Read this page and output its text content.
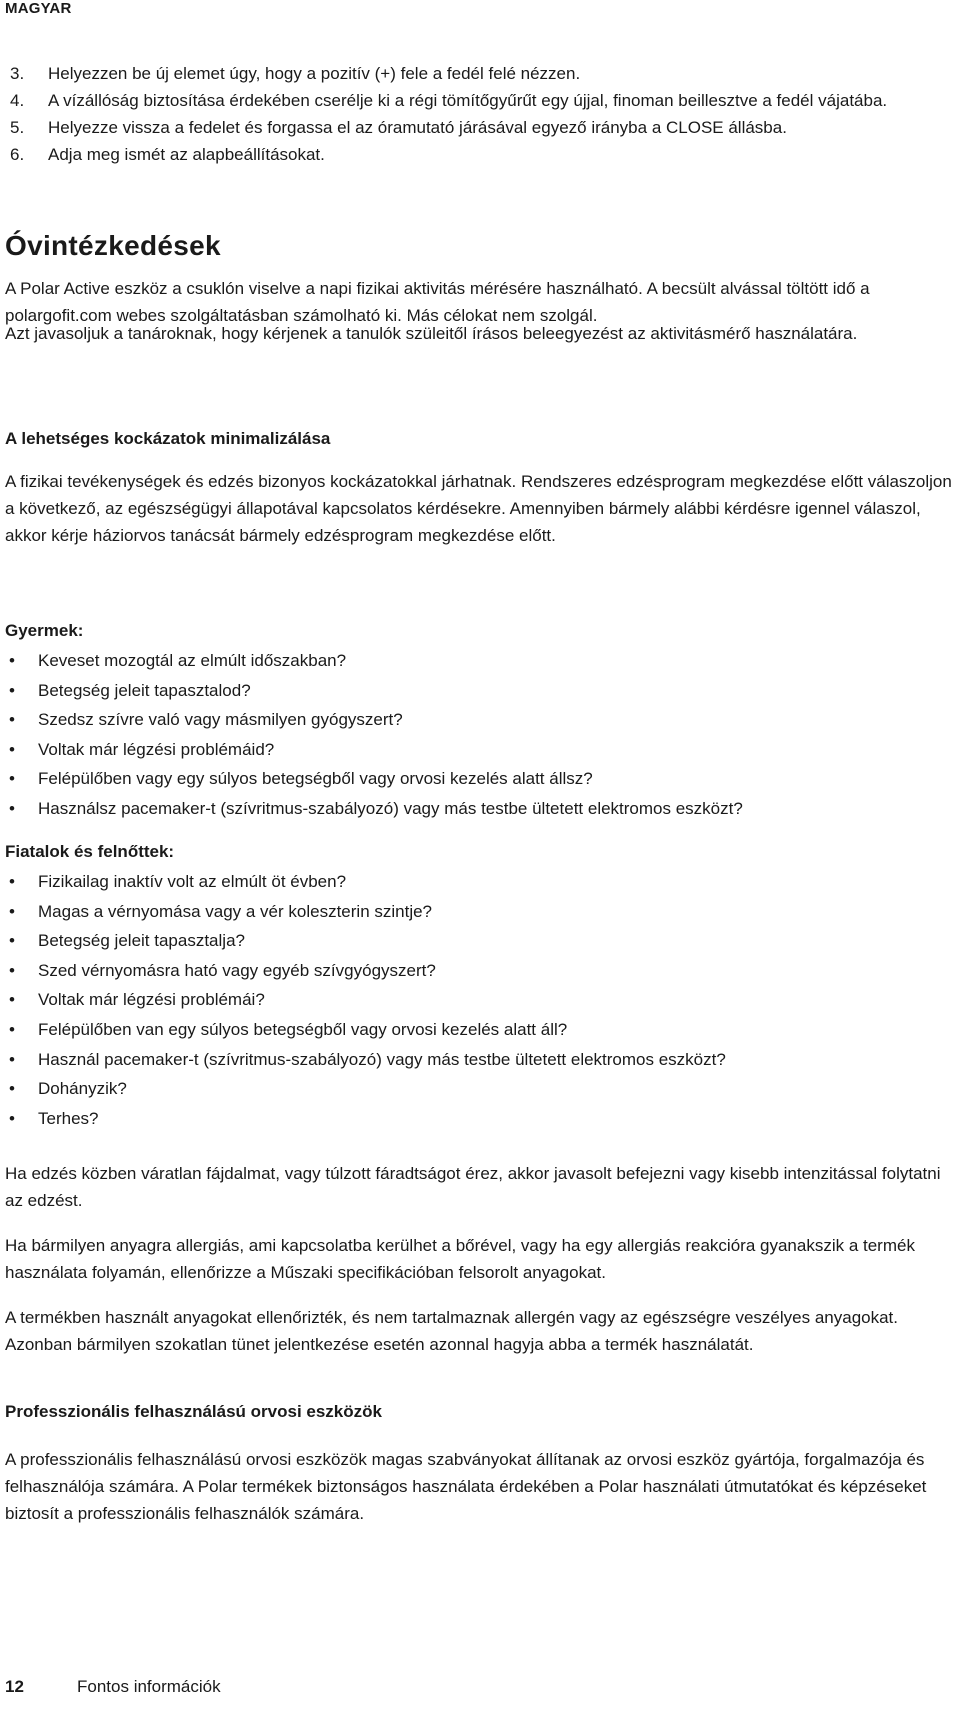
MAGYAR
3. Helyezzen be új elemet úgy, hogy a pozitív (+) fele a fedél felé nézzen.
4. A vízállóság biztosítása érdekében cserélje ki a régi tömítőgyűrűt egy újjal, finoman beillesztve a fedél vájatába.
5. Helyezze vissza a fedelet és forgassa el az óramutató járásával egyező irányba a CLOSE állásba.
6. Adja meg ismét az alapbeállításokat.
Óvintézkedések

A Polar Active eszköz a csuklón viselve a napi fizikai aktivitás mérésére használható. A becsült alvással töltött idő a polargofit.com webes szolgáltatásban számolható ki. Más célokat nem szolgál.

Azt javasoljuk a tanároknak, hogy kérjenek a tanulók szüleitől írásos beleegyezést az aktivitásmérő használatára.

A lehetséges kockázatok minimalizálása

A fizikai tevékenységek és edzés bizonyos kockázatokkal járhatnak. Rendszeres edzésprogram megkezdése előtt válaszoljon a következő, az egészségügyi állapotával kapcsolatos kérdésekre. Amennyiben bármely alábbi kérdésre igennel válaszol, akkor kérje háziorvos tanácsát bármely edzésprogram megkezdése előtt.

Gyermek:
• Keveset mozogtál az elmúlt időszakban?
• Betegség jeleit tapasztalod?
• Szedsz szívre való vagy másmilyen gyógyszert?
• Voltak már légzési problémáid?
• Felépülőben vagy egy súlyos betegségből vagy orvosi kezelés alatt állsz?
• Használsz pacemaker-t (szívritmus-szabályozó) vagy más testbe ültetett elektromos eszközt?
Fiatalok és felnőttek:
• Fizikailag inaktív volt az elmúlt öt évben?
• Magas a vérnyomása vagy a vér koleszterin szintje?
• Betegség jeleit tapasztalja?
• Szed vérnyomásra ható vagy egyéb szívgyógyszert?
• Voltak már légzési problémái?
• Felépülőben van egy súlyos betegségből vagy orvosi kezelés alatt áll?
• Használ pacemaker-t (szívritmus-szabályozó) vagy más testbe ültetett elektromos eszközt?
• Dohányzik?
• Terhes?

Ha edzés közben váratlan fájdalmat, vagy túlzott fáradtságot érez, akkor javasolt befejezni vagy kisebb intenzitással folytatni az edzést.

Ha bármilyen anyagra allergiás, ami kapcsolatba kerülhet a bőrével, vagy ha egy allergiás reakcióra gyanakszik a termék használata folyamán, ellenőrizze a Műszaki specifikációban felsorolt anyagokat.

A termékben használt anyagokat ellenőrizték, és nem tartalmaznak allergén vagy az egészségre veszélyes anyagokat. Azonban bármilyen szokatlan tünet jelentkezése esetén azonnal hagyja abba a termék használatát.

Professzionális felhasználású orvosi eszközök

A professzionális felhasználású orvosi eszközök magas szabványokat állítanak az orvosi eszköz gyártója, forgalmazója és felhasználója számára. A Polar termékek biztonságos használata érdekében a Polar használati útmutatókat és képzéseket biztosít a professzionális felhasználók számára.

12	Fontos információk
